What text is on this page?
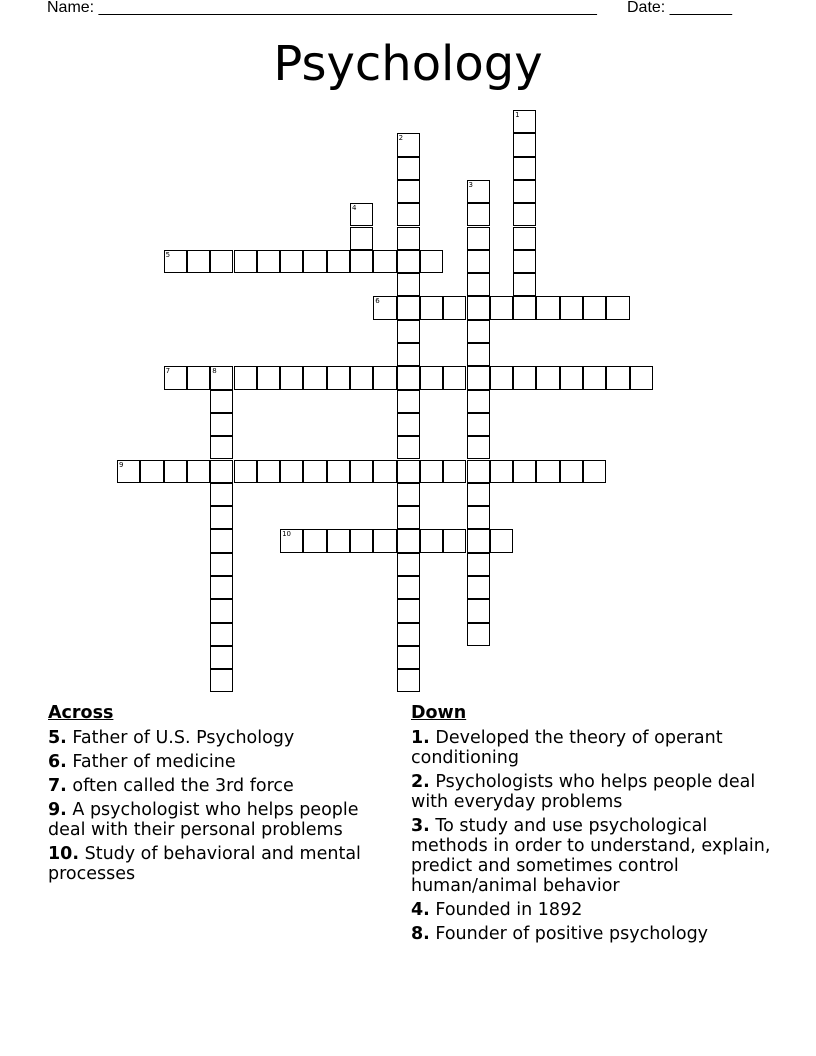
Name: ________________________________________________________ Date: _______
Psychology
1
2
3
4
5
6
7	8
9
10
Across
5. Father of U.S. Psychology
6. Father of medicine
7. often called the 3rd force
9. A psychologist who helps people deal with their personal problems
10. Study of behavioral and mental processes
Down
1. Developed the theory of operant conditioning
2. Psychologists who helps people deal with everyday problems
3. To study and use psychological methods in order to understand, explain, predict and sometimes control human/animal behavior
4. Founded in 1892
8. Founder of positive psychology
